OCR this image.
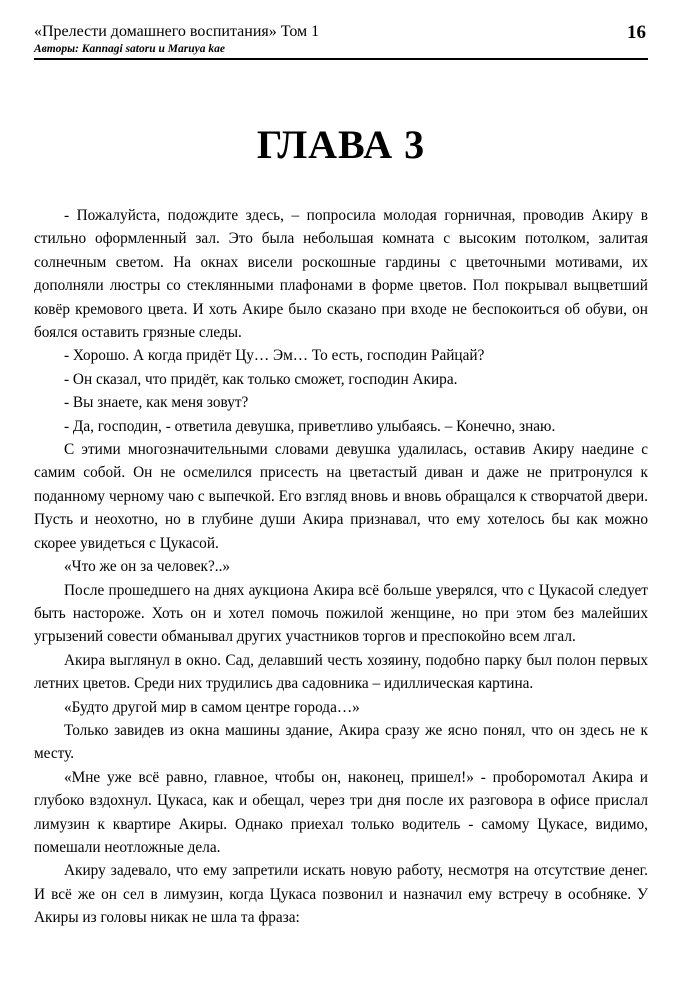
«Прелести домашнего воспитания» Том 1
Авторы: Kannagi satoru и Maruya kae
16
ГЛАВА 3

- Пожалуйста, подождите здесь, – попросила молодая горничная, проводив Акиру в стильно оформленный зал. Это была небольшая комната с высоким потолком, залитая солнечным светом. На окнах висели роскошные гардины с цветочными мотивами, их дополняли люстры со стеклянными плафонами в форме цветов. Пол покрывал выцветший ковёр кремового цвета. И хоть Акире было сказано при входе не беспокоиться об обуви, он боялся оставить грязные следы.

- Хорошо. А когда придёт Цу… Эм… То есть, господин Райцай?

- Он сказал, что придёт, как только сможет, господин Акира.

- Вы знаете, как меня зовут?

- Да, господин, - ответила девушка, приветливо улыбаясь. – Конечно, знаю.

С этими многозначительными словами девушка удалилась, оставив Акиру наедине с самим собой. Он не осмелился присесть на цветастый диван и даже не притронулся к поданному черному чаю с выпечкой. Его взгляд вновь и вновь обращался к створчатой двери. Пусть и неохотно, но в глубине души Акира признавал, что ему хотелось бы как можно скорее увидеться с Цукасой.

«Что же он за человек?..»

После прошедшего на днях аукциона Акира всё больше уверялся, что с Цукасой следует быть настороже. Хоть он и хотел помочь пожилой женщине, но при этом без малейших угрызений совести обманывал других участников торгов и преспокойно всем лгал.

Акира выглянул в окно. Сад, делавший честь хозяину, подобно парку был полон первых летних цветов. Среди них трудились два садовника – идиллическая картина.

«Будто другой мир в самом центре города…»

Только завидев из окна машины здание, Акира сразу же ясно понял, что он здесь не к месту.

«Мне уже всё равно, главное, чтобы он, наконец, пришел!» - проборомотал Акира и глубоко вздохнул. Цукаса, как и обещал, через три дня после их разговора в офисе прислал лимузин к квартире Акиры. Однако приехал только водитель - самому Цукасе, видимо, помешали неотложные дела.

Акиру задевало, что ему запретили искать новую работу, несмотря на отсутствие денег. И всё же он сел в лимузин, когда Цукаса позвонил и назначил ему встречу в особняке. У Акиры из головы никак не шла та фраза:
